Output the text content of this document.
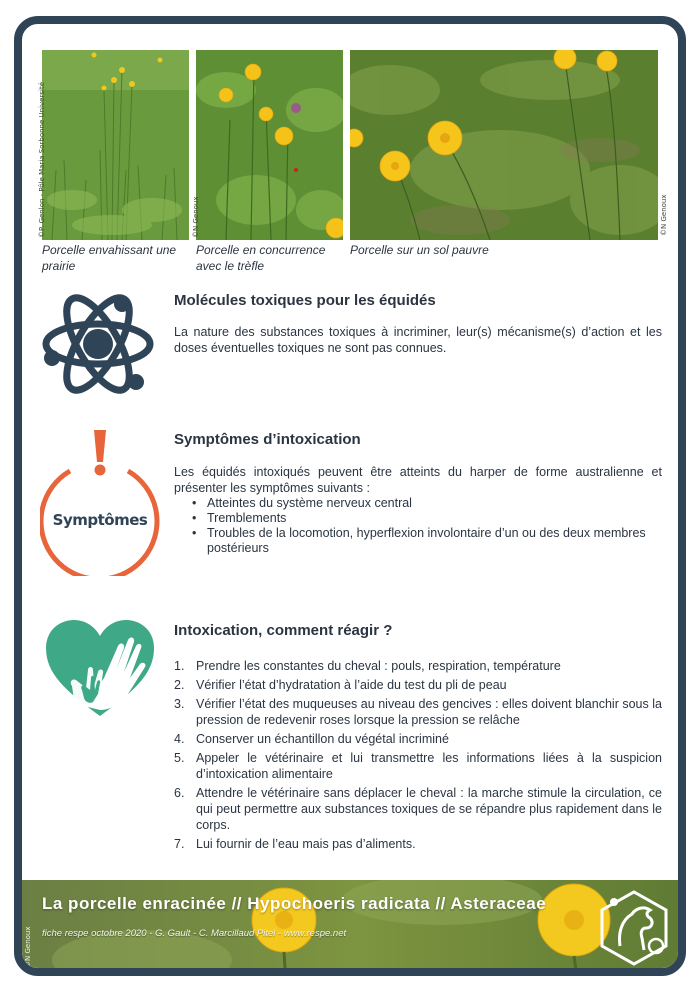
©P. Genlon - Pôle Maria Sorbonne Université	©N Genoux	©N Genoux
Porcelle envahissant une prairie
Porcelle en concurrence avec le trèfle
Porcelle sur un sol pauvre
Molécules toxiques pour les équidés
La nature des substances toxiques à incriminer, leur(s) mécanisme(s) d’action et les doses éventuelles toxiques ne sont pas connues.
Symptômes
Symptômes d’intoxication
Les équidés intoxiqués peuvent être atteints du harper de forme australienne et présenter les symptômes suivants :
• Atteintes du système nerveux central
• Tremblements
• Troubles de la locomotion, hyperflexion involontaire d’un ou des deux membres postérieurs
Intoxication, comment réagir ?
1. Prendre les constantes du cheval : pouls, respiration, température
2. Vérifier l’état d’hydratation à l’aide du test du pli de peau
3. Vérifier l’état des muqueuses au niveau des gencives : elles doivent blanchir sous la pression de redevenir roses lorsque la pression se relâche
4. Conserver un échantillon du végétal incriminé
5. Appeler le vétérinaire et lui transmettre les informations liées à la suspicion d’intoxication alimentaire
6. Attendre le vétérinaire sans déplacer le cheval : la marche stimule la circulation, ce qui peut permettre aux substances toxiques de se répandre plus rapidement dans le corps.
7. Lui fournir de l’eau mais pas d’aliments.
La porcelle enracinée // Hypochoeris radicata // Asteraceae
fiche respe octobre 2020 - G. Gault - C. Marcillaud Pitel - www.respe.net
©N Genoux
